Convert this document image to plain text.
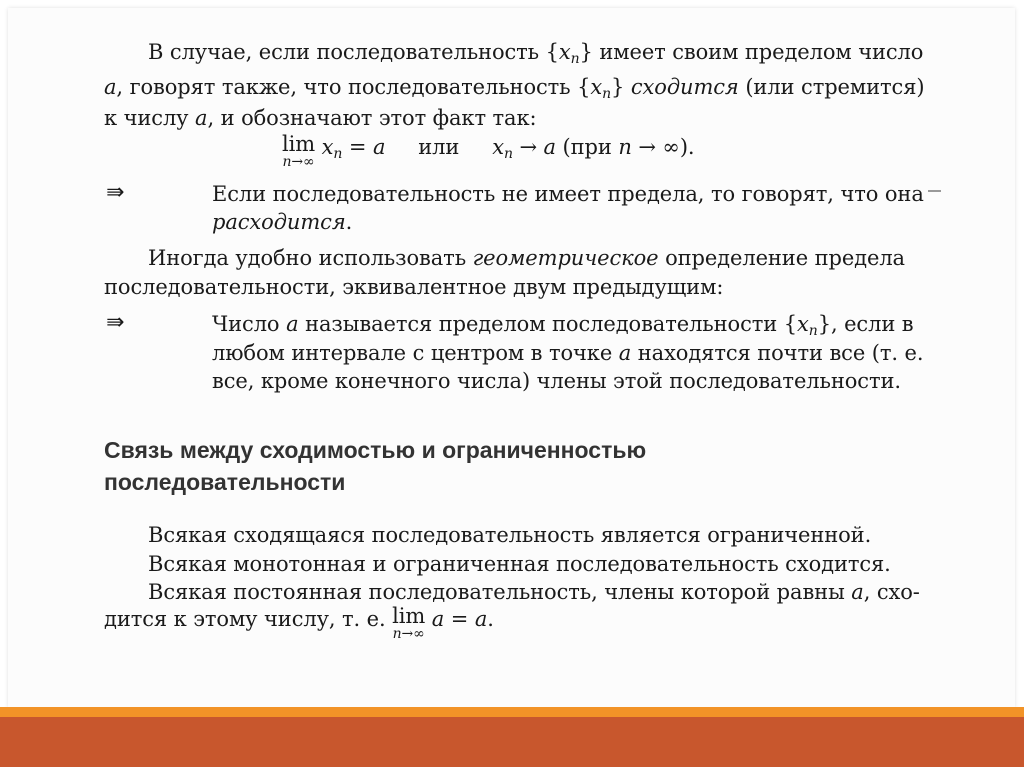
В случае, если последовательность $\{x_n\}$ имеет своим пределом число
a, говорят также, что последовательность $\{x_n\}$ сходится (или стремится)
к числу a, и обозначают этот факт так:
lim
n→∞
$x_n = a$ или $x_n \to a$ (при n → ∞).
⇛	Если последовательность не имеет предела, то говорят, что она
расходится.
Иногда удобно использовать геометрическое определение предела
последовательности, эквивалентное двум предыдущим:
⇛	Число a называется пределом последовательности $\{x_n\}$, если в
любом интервале с центром в точке a находятся почти все (т. е.
все, кроме конечного числа) члены этой последовательности.
Связь между сходимостью и ограниченностью
последовательности
Всякая сходящаяся последовательность является ограниченной.
Всякая монотонная и ограниченная последовательность сходится.
Всякая постоянная последовательность, члены которой равны a, схо-
дится к этому числу, т. е. lim
n→∞
a = a.
